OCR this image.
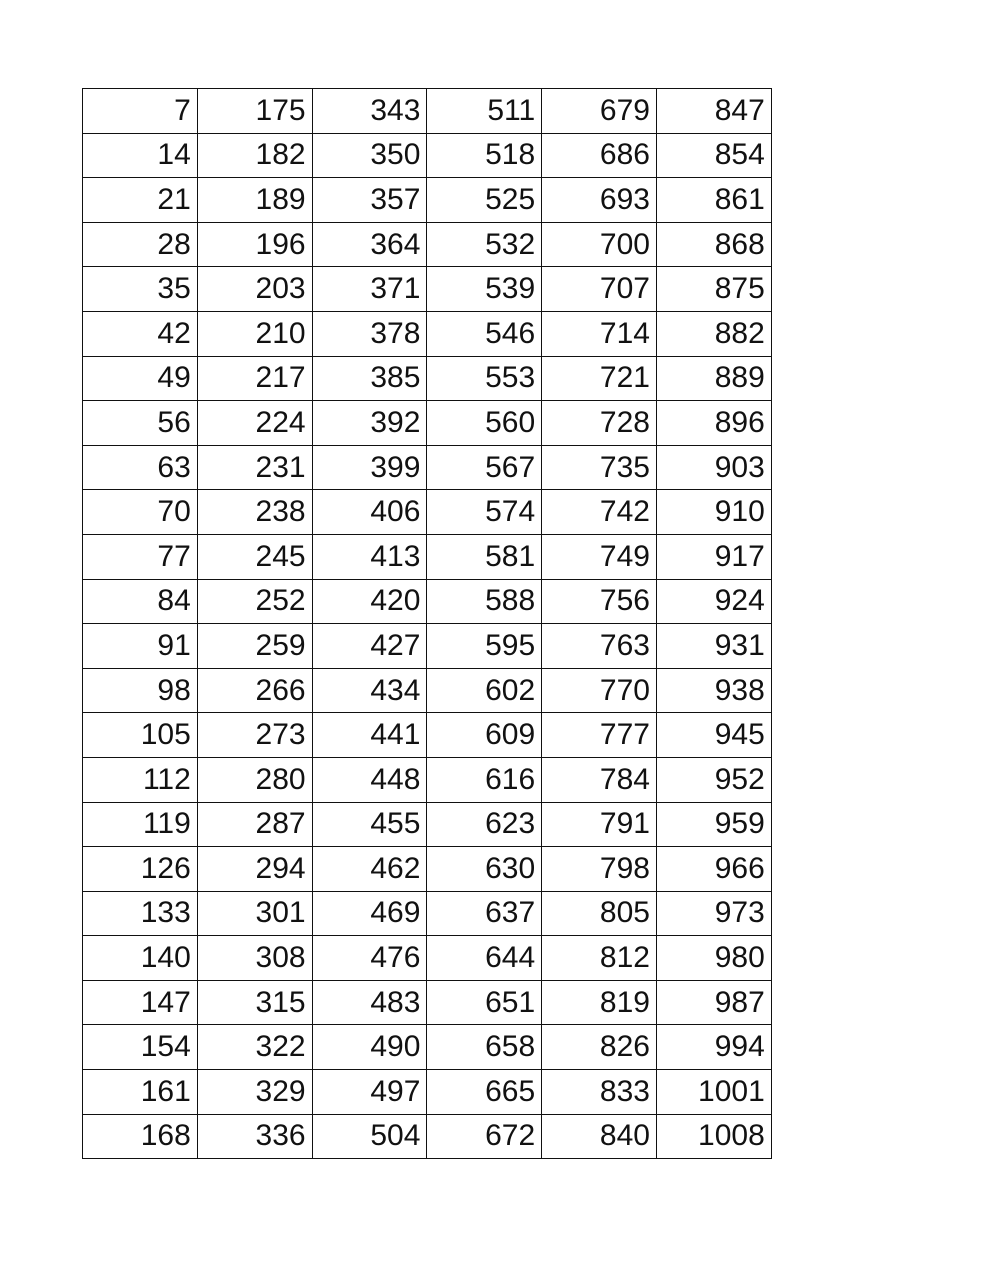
7	175	343	511	679	847
14	182	350	518	686	854
21	189	357	525	693	861
28	196	364	532	700	868
35	203	371	539	707	875
42	210	378	546	714	882
49	217	385	553	721	889
56	224	392	560	728	896
63	231	399	567	735	903
70	238	406	574	742	910
77	245	413	581	749	917
84	252	420	588	756	924
91	259	427	595	763	931
98	266	434	602	770	938
105	273	441	609	777	945
112	280	448	616	784	952
119	287	455	623	791	959
126	294	462	630	798	966
133	301	469	637	805	973
140	308	476	644	812	980
147	315	483	651	819	987
154	322	490	658	826	994
161	329	497	665	833	1001
168	336	504	672	840	1008
